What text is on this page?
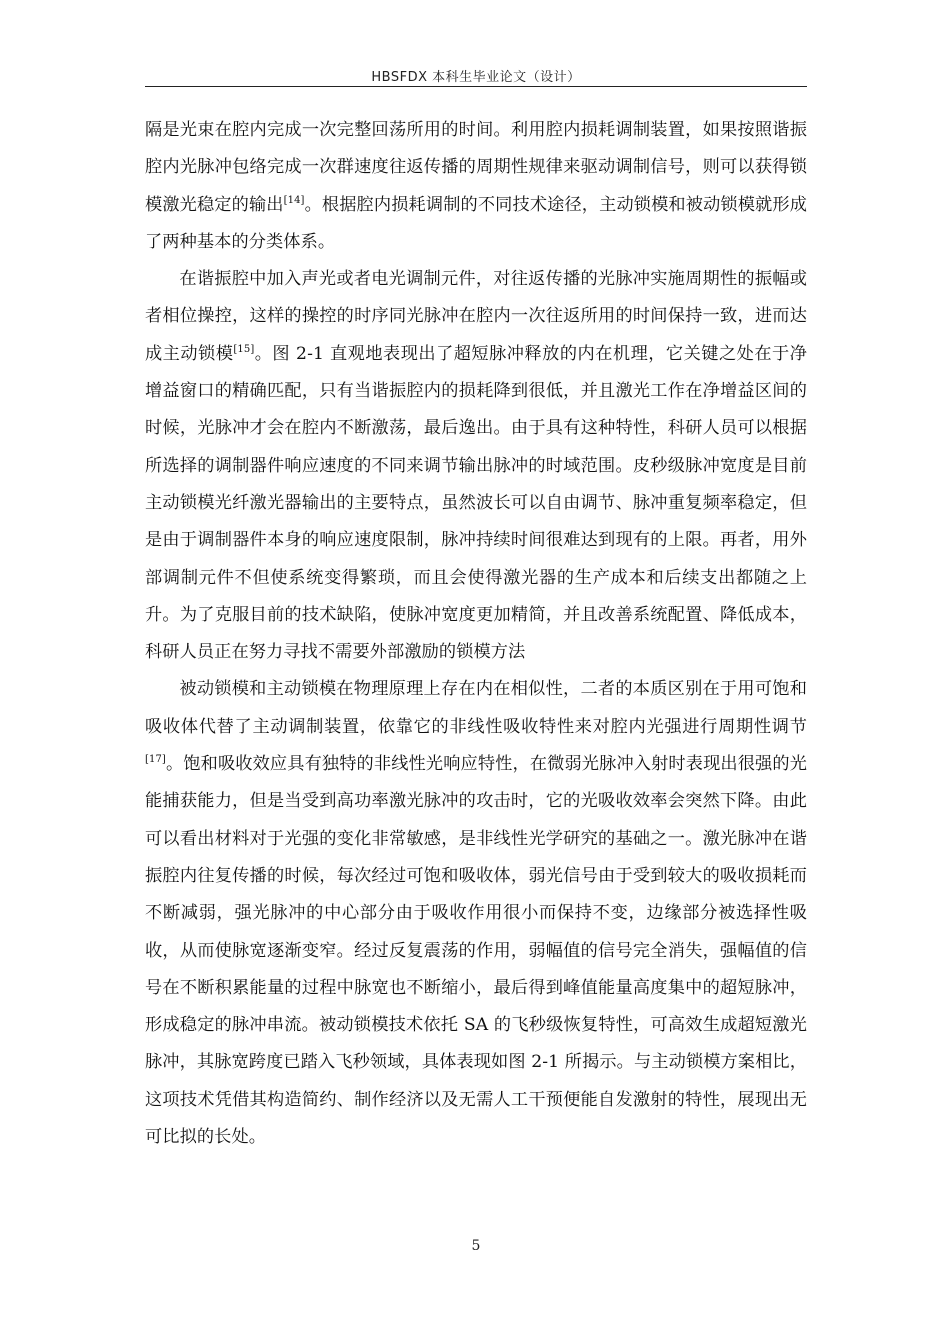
HBSFDX 本科生毕业论文（设计）

隔是光束在腔内完成一次完整回荡所用的时间。利用腔内损耗调制装置，如果按照谐振腔内光脉冲包络完成一次群速度往返传播的周期性规律来驱动调制信号，则可以获得锁模激光稳定的输出[14]。根据腔内损耗调制的不同技术途径，主动锁模和被动锁模就形成了两种基本的分类体系。

在谐振腔中加入声光或者电光调制元件，对往返传播的光脉冲实施周期性的振幅或者相位操控，这样的操控的时序同光脉冲在腔内一次往返所用的时间保持一致，进而达成主动锁模[15]。图 2-1 直观地表现出了超短脉冲释放的内在机理，它关键之处在于净增益窗口的精确匹配，只有当谐振腔内的损耗降到很低，并且激光工作在净增益区间的时候，光脉冲才会在腔内不断激荡，最后逸出。由于具有这种特性，科研人员可以根据所选择的调制器件响应速度的不同来调节输出脉冲的时域范围。皮秒级脉冲宽度是目前主动锁模光纤激光器输出的主要特点，虽然波长可以自由调节、脉冲重复频率稳定，但是由于调制器件本身的响应速度限制，脉冲持续时间很难达到现有的上限。再者，用外部调制元件不但使系统变得繁琐，而且会使得激光器的生产成本和后续支出都随之上升。为了克服目前的技术缺陷，使脉冲宽度更加精简，并且改善系统配置、降低成本，科研人员正在努力寻找不需要外部激励的锁模方法

被动锁模和主动锁模在物理原理上存在内在相似性，二者的本质区别在于用可饱和吸收体代替了主动调制装置，依靠它的非线性吸收特性来对腔内光强进行周期性调节[17]。饱和吸收效应具有独特的非线性光响应特性，在微弱光脉冲入射时表现出很强的光能捕获能力，但是当受到高功率激光脉冲的攻击时，它的光吸收效率会突然下降。由此可以看出材料对于光强的变化非常敏感，是非线性光学研究的基础之一。激光脉冲在谐振腔内往复传播的时候，每次经过可饱和吸收体，弱光信号由于受到较大的吸收损耗而不断减弱，强光脉冲的中心部分由于吸收作用很小而保持不变，边缘部分被选择性吸收，从而使脉宽逐渐变窄。经过反复震荡的作用，弱幅值的信号完全消失，强幅值的信号在不断积累能量的过程中脉宽也不断缩小，最后得到峰值能量高度集中的超短脉冲，形成稳定的脉冲串流。被动锁模技术依托 SA 的飞秒级恢复特性，可高效生成超短激光脉冲，其脉宽跨度已踏入飞秒领域，具体表现如图 2-1 所揭示。与主动锁模方案相比，这项技术凭借其构造简约、制作经济以及无需人工干预便能自发激射的特性，展现出无可比拟的长处。

5
